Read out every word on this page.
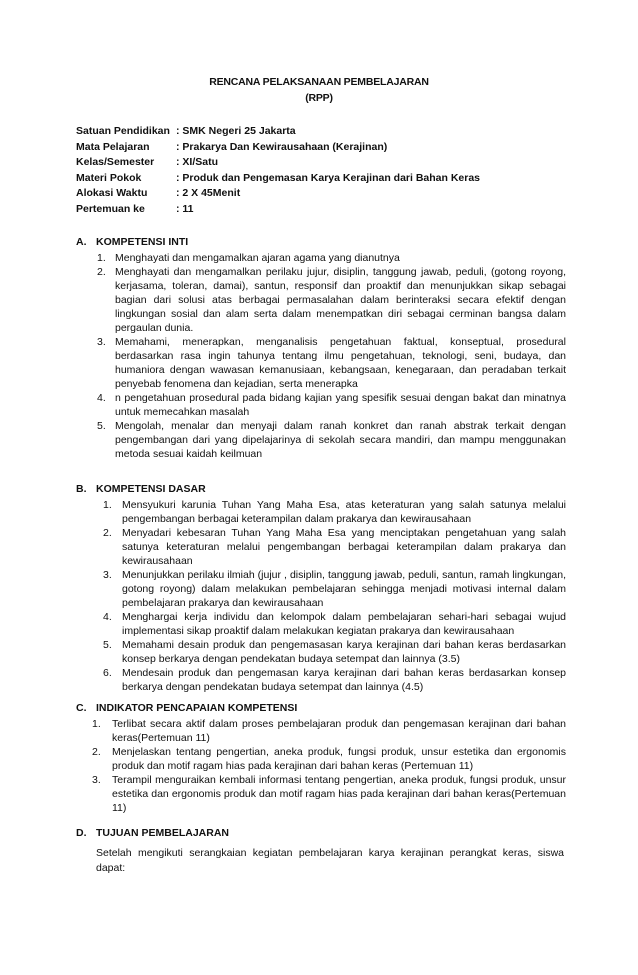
RENCANA PELAKSANAAN PEMBELAJARAN
(RPP)
Satuan Pendidikan : SMK Negeri 25 Jakarta
Mata Pelajaran	: Prakarya Dan Kewirausahaan (Kerajinan)
Kelas/Semester	: XI/Satu
Materi Pokok	: Produk dan Pengemasan Karya Kerajinan dari Bahan Keras
Alokasi Waktu	: 2 X 45Menit
Pertemuan ke	: 11
A. KOMPETENSI INTI
1. Menghayati dan mengamalkan ajaran agama yang dianutnya
2. Menghayati dan mengamalkan perilaku jujur, disiplin, tanggung jawab, peduli, (gotong royong, kerjasama, toleran, damai), santun, responsif dan proaktif dan menunjukkan sikap sebagai bagian dari solusi atas berbagai permasalahan dalam berinteraksi secara efektif dengan lingkungan sosial dan alam serta dalam menempatkan diri sebagai cerminan bangsa dalam pergaulan dunia.
3. Memahami, menerapkan, menganalisis pengetahuan faktual, konseptual, prosedural berdasarkan rasa ingin tahunya tentang ilmu pengetahuan, teknologi, seni, budaya, dan humaniora dengan wawasan kemanusiaan, kebangsaan, kenegaraan, dan peradaban terkait penyebab fenomena dan kejadian, serta menerapka
4. n pengetahuan prosedural pada bidang kajian yang spesifik sesuai dengan bakat dan minatnya untuk memecahkan masalah
5. Mengolah, menalar dan menyaji dalam ranah konkret dan ranah abstrak terkait dengan pengembangan dari yang dipelajarinya di sekolah secara mandiri, dan mampu menggunakan metoda sesuai kaidah keilmuan
B. KOMPETENSI DASAR
1. Mensyukuri karunia Tuhan Yang Maha Esa, atas keteraturan yang salah satunya melalui pengembangan berbagai keterampilan dalam prakarya dan kewirausahaan
2. Menyadari kebesaran Tuhan Yang Maha Esa yang menciptakan pengetahuan yang salah satunya keteraturan melalui pengembangan berbagai keterampilan dalam prakarya dan kewirausahaan
3. Menunjukkan perilaku ilmiah (jujur , disiplin, tanggung jawab, peduli, santun, ramah lingkungan, gotong royong) dalam melakukan pembelajaran sehingga menjadi motivasi internal dalam pembelajaran prakarya dan kewirausahaan
4. Menghargai kerja individu dan kelompok dalam pembelajaran sehari-hari sebagai wujud implementasi sikap proaktif dalam melakukan kegiatan prakarya dan kewirausahaan
5. Memahami desain produk dan pengemasasan karya kerajinan dari bahan keras berdasarkan konsep berkarya dengan pendekatan budaya setempat dan lainnya (3.5)
6. Mendesain produk dan pengemasan karya kerajinan dari bahan keras berdasarkan konsep berkarya dengan pendekatan budaya setempat dan lainnya (4.5)
C. INDIKATOR PENCAPAIAN KOMPETENSI
1.	Terlibat secara aktif dalam proses pembelajaran produk dan pengemasan kerajinan dari bahan keras(Pertemuan 11)
2.	Menjelaskan tentang pengertian, aneka produk, fungsi produk, unsur estetika dan ergonomis produk dan motif ragam hias pada kerajinan dari bahan keras (Pertemuan 11)
3.	Terampil menguraikan kembali informasi tentang pengertian, aneka produk, fungsi produk, unsur estetika dan ergonomis produk dan motif ragam hias pada kerajinan dari bahan keras(Pertemuan 11)
D. TUJUAN PEMBELAJARAN
Setelah mengikuti serangkaian kegiatan pembelajaran karya kerajinan perangkat keras, siswa dapat:
